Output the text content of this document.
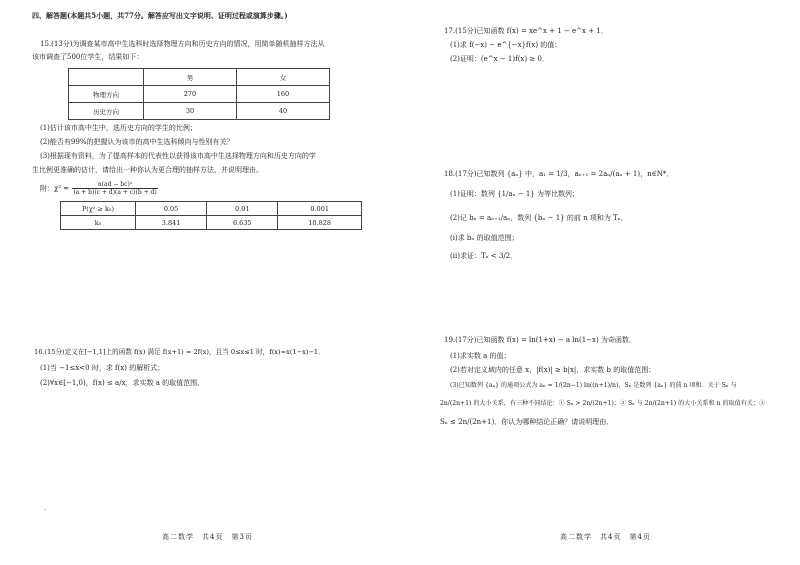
四、解答题(本题共5小题，共77分。解答应写出文字说明、证明过程或演算步骤。)
15.(13分)为调查某市高中生选科时选择物理方向和历史方向的情况，用简单随机抽样方法从
该市调查了500位学生，结果如下：
	男	女
物理方向	270	160
历史方向	30	40
(1)估计该市高中生中，选历史方向的学生的比例；
(2)能否有99%的把握认为该市的高中生选科倾向与性别有关？
(3)根据现有资料，为了提高样本的代表性以获得该市高中生选择物理方向和历史方向的学
生比例更准确的估计，请给出一种你认为更合理的抽样方法，并说明理由。
附：$\chi^2 = \frac{\text{n(ad − bc)²}}{(a + b)(c + d)(a + c)(b + d)}$
P(χ² ≥ k₀)	0.05	0.01	0.001
k₀	3.841	6.635	10.828
16.(15分)定义在[−1,1]上的函数 f(x) 满足 f(x+1) = 2f(x)，且当 0≤x≤1 时，f(x)=x(1−x)−1．
(1)当 −1≤x<0 时，求 f(x) 的解析式；
(2)∀x∈[−1,0)，f(x) ≤ a/x，求实数 a 的取值范围．
·
高二数学　共4页　第3页
17.(15分)已知函数 f(x) = xe^x + 1 − e^x + 1．
(1)求 f(−x) − e^{−x}f(x) 的值；
(2)证明：(e^x − 1)f(x) ≥ 0．
18.(17分)已知数列 {aₙ} 中，a₁ = 1/3，aₙ₊₁ = 2aₙ/(aₙ + 1)，n∈N*．
(1)证明：数列 {1/aₙ − 1} 为等比数列；
(2)记 bₙ = aₙ₊₁/aₙ，数列 {bₙ − 1} 的前 n 项和为 Tₙ．
(i)求 bₙ 的取值范围；
(ii)求证：Tₙ < 3/2．
19.(17分)已知函数 f(x) = ln(1+x) − a ln(1−x) 为奇函数．
(1)求实数 a 的值；
(2)若对定义域内的任意 x，|f(x)| ≥ b|x|，求实数 b 的取值范围；
(3)已知数列 {aₙ} 的通项公式为 aₙ = 1/(2n−1) ln((n+1)/n)，Sₙ 是数列 {aₙ} 的前 n 项和．关于 Sₙ 与
2n/(2n+1) 的大小关系，有三种不同结论：① Sₙ > 2n/(2n+1)；② Sₙ 与 2n/(2n+1) 的大小关系和 n 的取值有关；③
Sₙ ≤ 2n/(2n+1)．你认为哪种结论正确？请说明理由．
高二数学　共4页　第4页
